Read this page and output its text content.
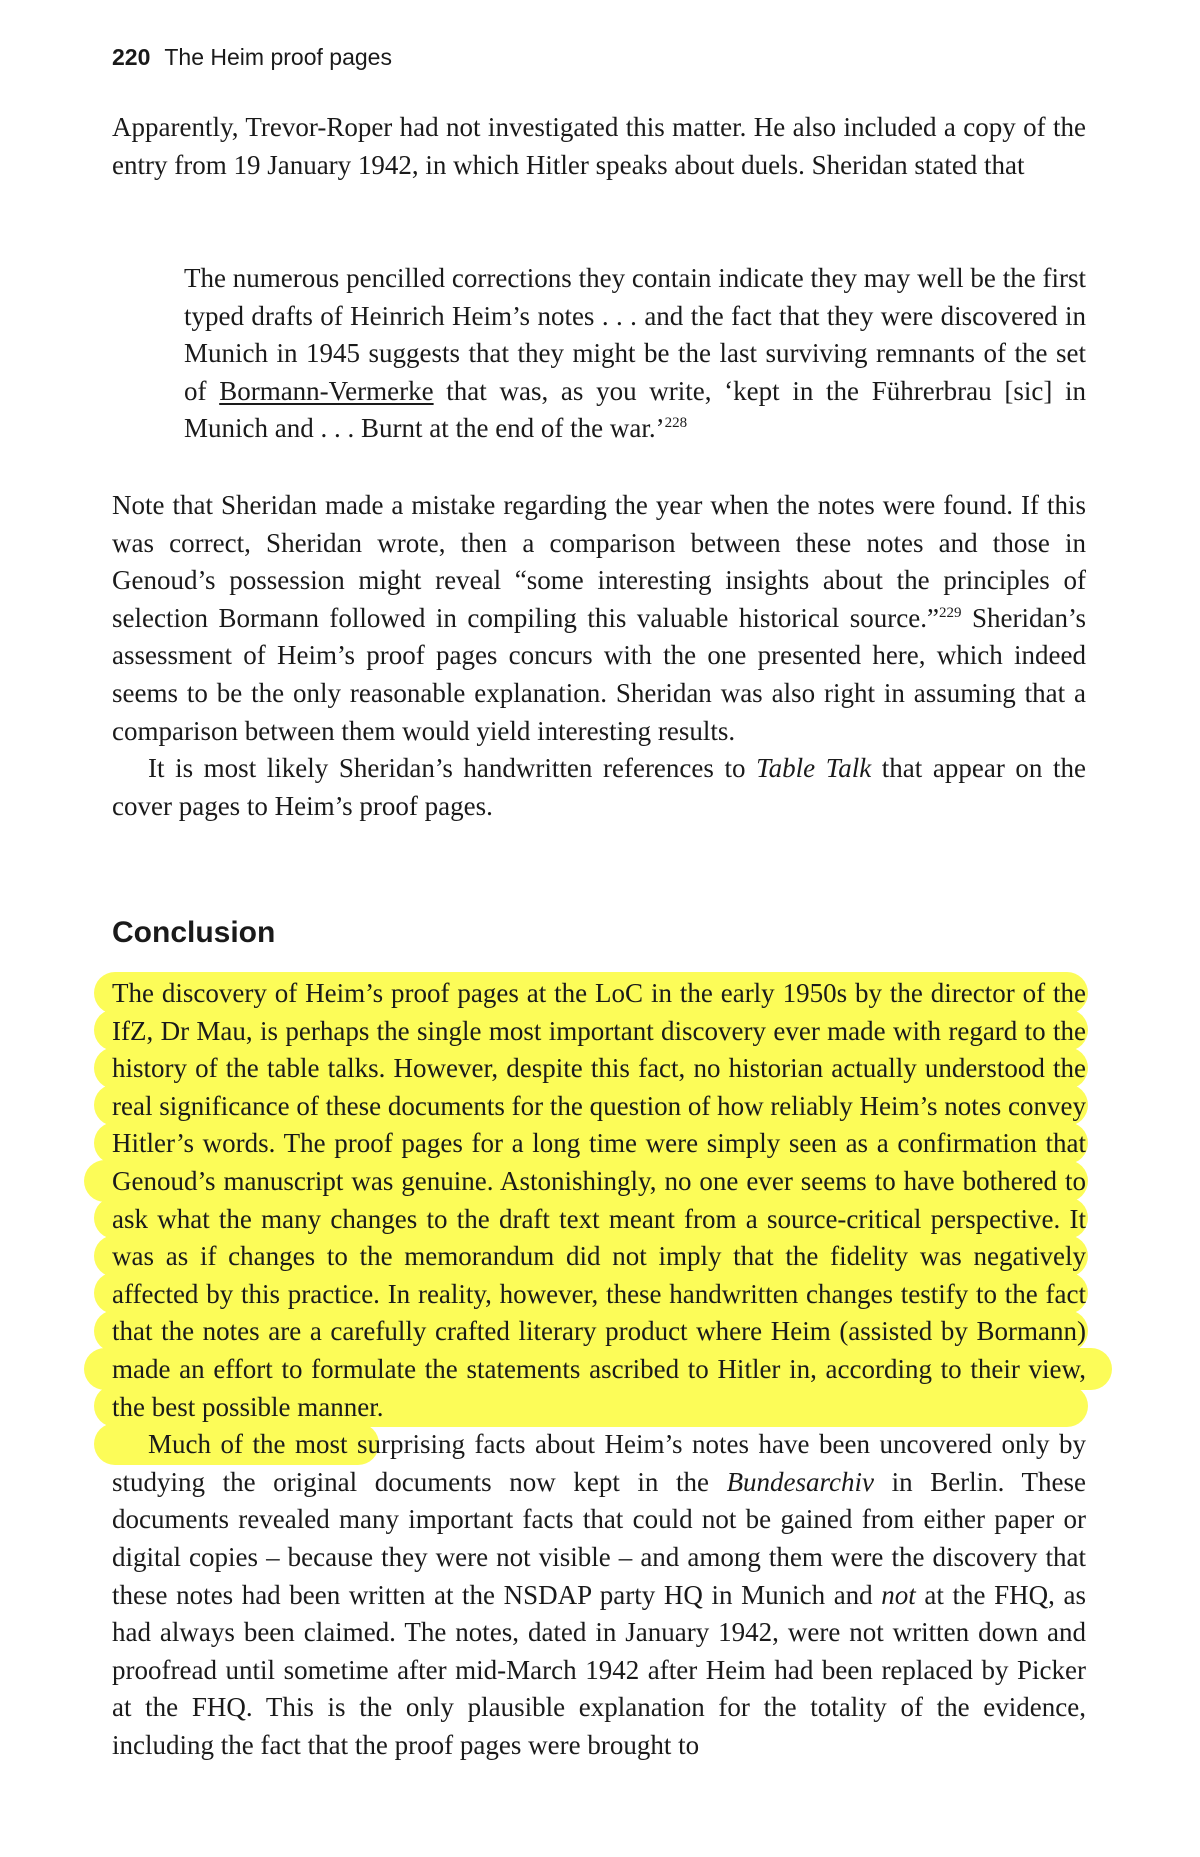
220 The Heim proof pages

Apparently, Trevor-Roper had not investigated this matter. He also included a copy of the entry from 19 January 1942, in which Hitler speaks about duels. Sheridan stated that

The numerous pencilled corrections they contain indicate they may well be the first typed drafts of Heinrich Heim’s notes . . . and the fact that they were discovered in Munich in 1945 suggests that they might be the last surviving remnants of the set of Bormann-Vermerke that was, as you write, ‘kept in the Führerbrau [sic] in Munich and . . . Burnt at the end of the war.’$^{228}$

Note that Sheridan made a mistake regarding the year when the notes were found. If this was correct, Sheridan wrote, then a comparison between these notes and those in Genoud’s possession might reveal “some interesting insights about the principles of selection Bormann followed in compiling this valuable historical source.”$^{229}$ Sheridan’s assessment of Heim’s proof pages concurs with the one presented here, which indeed seems to be the only reasonable explanation. Sheridan was also right in assuming that a comparison between them would yield interesting results.

It is most likely Sheridan’s handwritten references to Table Talk that appear on the cover pages to Heim’s proof pages.

Conclusion

The discovery of Heim’s proof pages at the LoC in the early 1950s by the director of the IfZ, Dr Mau, is perhaps the single most important discovery ever made with regard to the history of the table talks. However, despite this fact, no historian actually understood the real significance of these documents for the question of how reliably Heim’s notes convey Hitler’s words. The proof pages for a long time were simply seen as a confirmation that Genoud’s manuscript was genuine. Astonishingly, no one ever seems to have bothered to ask what the many changes to the draft text meant from a source-critical perspective. It was as if changes to the memorandum did not imply that the fidelity was negatively affected by this practice. In reality, however, these handwritten changes testify to the fact that the notes are a carefully crafted literary product where Heim (assisted by Bormann) made an effort to formulate the statements ascribed to Hitler in, according to their view, the best possible manner.

Much of the most surprising facts about Heim’s notes have been uncovered only by studying the original documents now kept in the Bundesarchiv in Berlin. These documents revealed many important facts that could not be gained from either paper or digital copies – because they were not visible – and among them were the discovery that these notes had been written at the NSDAP party HQ in Munich and not at the FHQ, as had always been claimed. The notes, dated in January 1942, were not written down and proofread until sometime after mid-March 1942 after Heim had been replaced by Picker at the FHQ. This is the only plausible explanation for the totality of the evidence, including the fact that the proof pages were brought to
